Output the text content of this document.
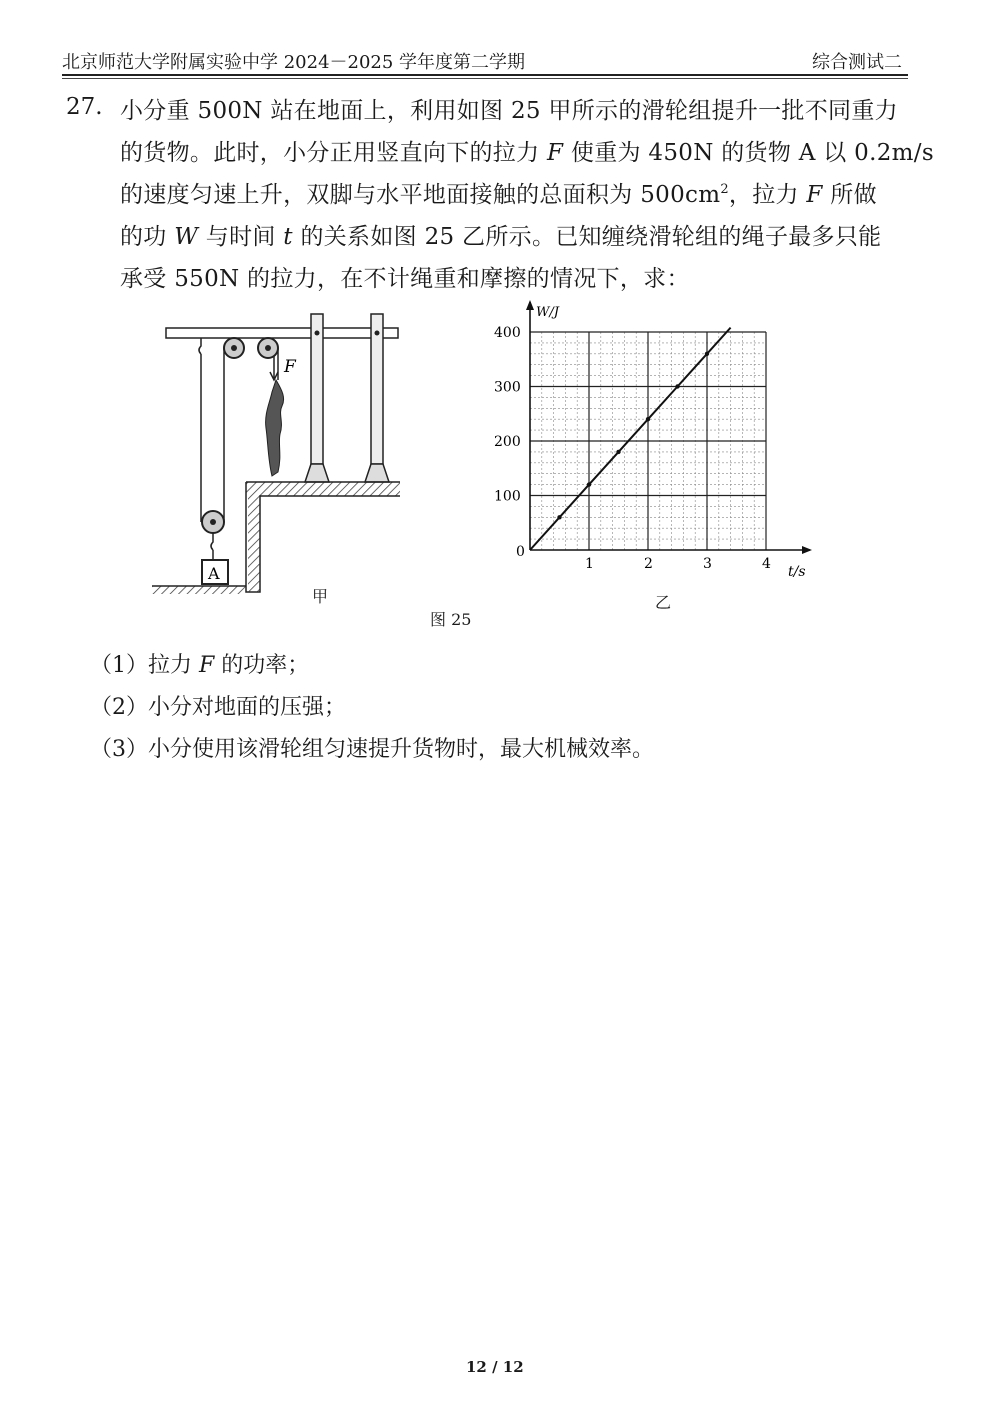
北京师范大学附属实验中学 2024－2025 学年度第二学期	综合测试二
27. 小分重 500N 站在地面上，利用如图 25 甲所示的滑轮组提升一批不同重力

的货物。此时，小分正用竖直向下的拉力 F 使重为 450N 的货物 A 以 0.2m/s

的速度匀速上升，双脚与水平地面接触的总面积为 $500cm^2$，拉力 F 所做

的功 W 与时间 t 的关系如图 25 乙所示。已知缠绕滑轮组的绳子最多只能

承受 550N 的拉力，在不计绳重和摩擦的情况下，求：

F
A
W/J
t/s
0
1	2	3	4
100
200
300
400
甲	乙
图 25
（1）拉力 F 的功率；
（2）小分对地面的压强；
（3）小分使用该滑轮组匀速提升货物时，最大机械效率。
12 / 12
